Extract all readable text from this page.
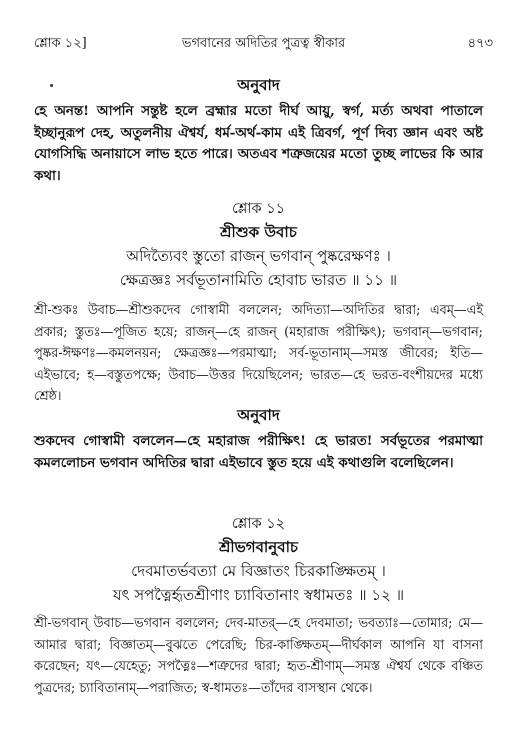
শ্লোক ১২]	ভগবানের অদিতির পুত্রত্ব স্বীকার	৪৭৩
অনুবাদ

হে অনন্ত! আপনি সন্তুষ্ট হলে ব্রহ্মার মতো দীর্ঘ আয়ু, স্বর্গ, মর্ত্য অথবা পাতালে ইচ্ছানুরূপ দেহ, অতুলনীয় ঐশ্বর্য, ধর্ম-অর্থ-কাম এই ত্রিবর্গ, পূর্ণ দিব্য জ্ঞান এবং অষ্ট যোগসিদ্ধি অনায়াসে লাভ হতে পারে। অতএব শত্রুজয়ের মতো তুচ্ছ লাভের কি আর কথা।

শ্লোক ১১
শ্রীশুক উবাচ
অদিত্যৈবং স্তুতো রাজন্ ভগবান্ পুষ্করেক্ষণঃ ।
ক্ষেত্রজ্ঞঃ সর্বভূতানামিতি হোবাচ ভারত ॥ ১১ ॥

শ্রী-শুকঃ উবাচ—শ্রীশুকদেব গোস্বামী বললেন; অদিত্যা—অদিতির দ্বারা; এবম্—এই প্রকার; স্তুতঃ—পূজিত হয়ে; রাজন্—হে রাজন্ (মহারাজ পরীক্ষিৎ); ভগবান্—ভগবান; পুষ্কর-ঈক্ষণঃ—কমলনয়ন; ক্ষেত্রজ্ঞঃ—পরমাত্মা; সর্ব-ভূতানাম্—সমস্ত জীবের; ইতি—এইভাবে; হ—বস্তুতপক্ষে; উবাচ—উত্তর দিয়েছিলেন; ভারত—হে ভরত-বংশীয়দের মধ্যে শ্রেষ্ঠ।

অনুবাদ

শুকদেব গোস্বামী বললেন—হে মহারাজ পরীক্ষিৎ! হে ভারত! সর্বভূতের পরমাত্মা কমললোচন ভগবান অদিতির দ্বারা এইভাবে স্তুত হয়ে এই কথাগুলি বলেছিলেন।

শ্লোক ১২
শ্রীভগবানুবাচ
দেবমাতর্ভবত্যা মে বিজ্ঞাতং চিরকাঙ্ক্ষিতম্ ।
যৎ সপত্নৈর্হৃতশ্রীণাং চ্যাবিতানাং স্বধামতঃ ॥ ১২ ॥

শ্রী-ভগবান্ উবাচ—ভগবান বললেন; দেব-মাতর্—হে দেবমাতা; ভবত্যাঃ—তোমার; মে—আমার দ্বারা; বিজ্ঞাতম্—বুঝতে পেরেছি; চির-কাঙ্ক্ষিতম্—দীর্ঘকাল আপনি যা বাসনা করেছেন; যৎ—যেহেতু; সপত্নৈঃ—শত্রুদের দ্বারা; হৃত-শ্রীণাম্—সমস্ত ঐশ্বর্য থেকে বঞ্চিত পুত্রদের; চ্যাবিতানাম্—পরাজিত; স্ব-ধামতঃ—তাঁদের বাসস্থান থেকে।
